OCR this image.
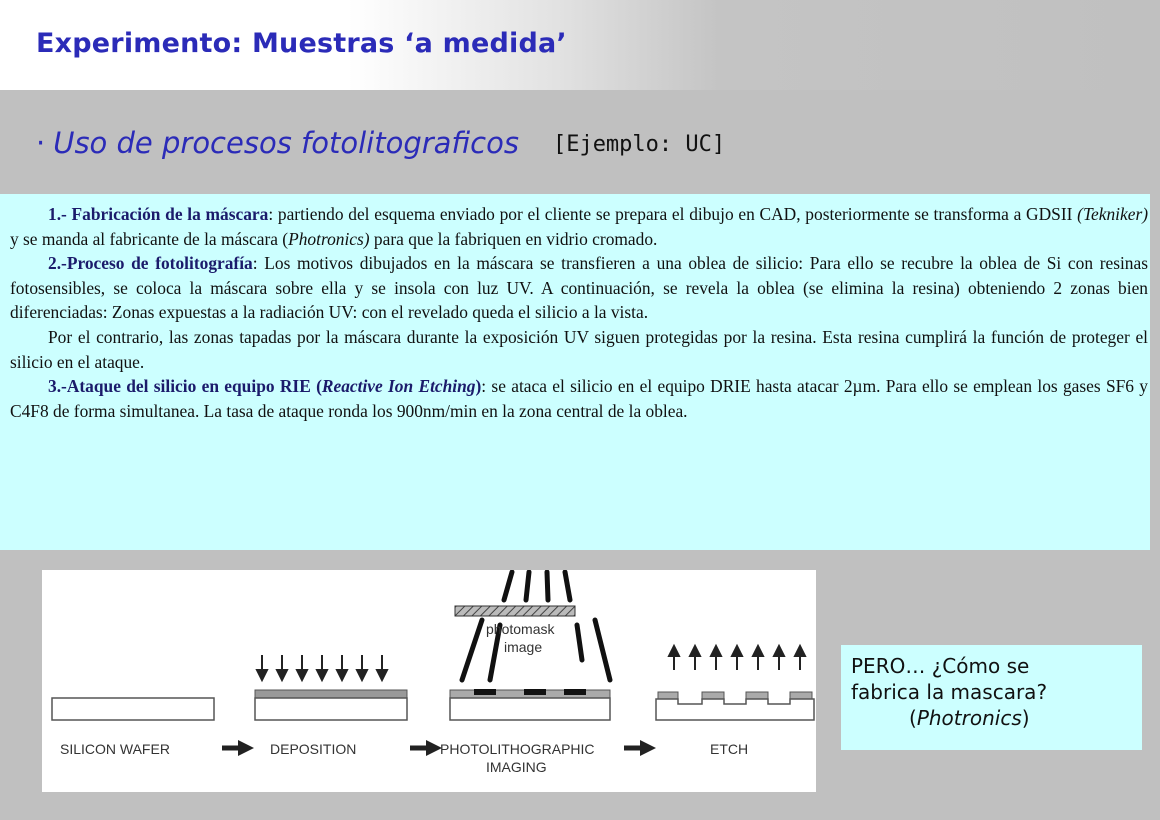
Experimento: Muestras ‘a medida’
· Uso de procesos fotolitograficos [Ejemplo: UC]

1.- Fabricación de la máscara: partiendo del esquema enviado por el cliente se prepara el dibujo en CAD, posteriormente se transforma a GDSII (Tekniker) y se manda al fabricante de la máscara (Photronics) para que la fabriquen en vidrio cromado.

2.-Proceso de fotolitografía: Los motivos dibujados en la máscara se transfieren a una oblea de silicio: Para ello se recubre la oblea de Si con resinas fotosensibles, se coloca la máscara sobre ella y se insola con luz UV. A continuación, se revela la oblea (se elimina la resina) obteniendo 2 zonas bien diferenciadas: Zonas expuestas a la radiación UV: con el revelado queda el silicio a la vista.

Por el contrario, las zonas tapadas por la máscara durante la exposición UV siguen protegidas por la resina. Esta resina cumplirá la función de proteger el silicio en el ataque.

3.-Ataque del silicio en equipo RIE (Reactive Ion Etching): se ataca el silicio en el equipo DRIE hasta atacar 2µm. Para ello se emplean los gases SF6 y C4F8 de forma simultanea. La tasa de ataque ronda los 900nm/min en la zona central de la oblea.

SILICON WAFER	DEPOSITION
photomask
image
PHOTOLITHOGRAPHIC
IMAGING
ETCH
PERO… ¿Cómo se
fabrica la mascara?
(Photronics)
